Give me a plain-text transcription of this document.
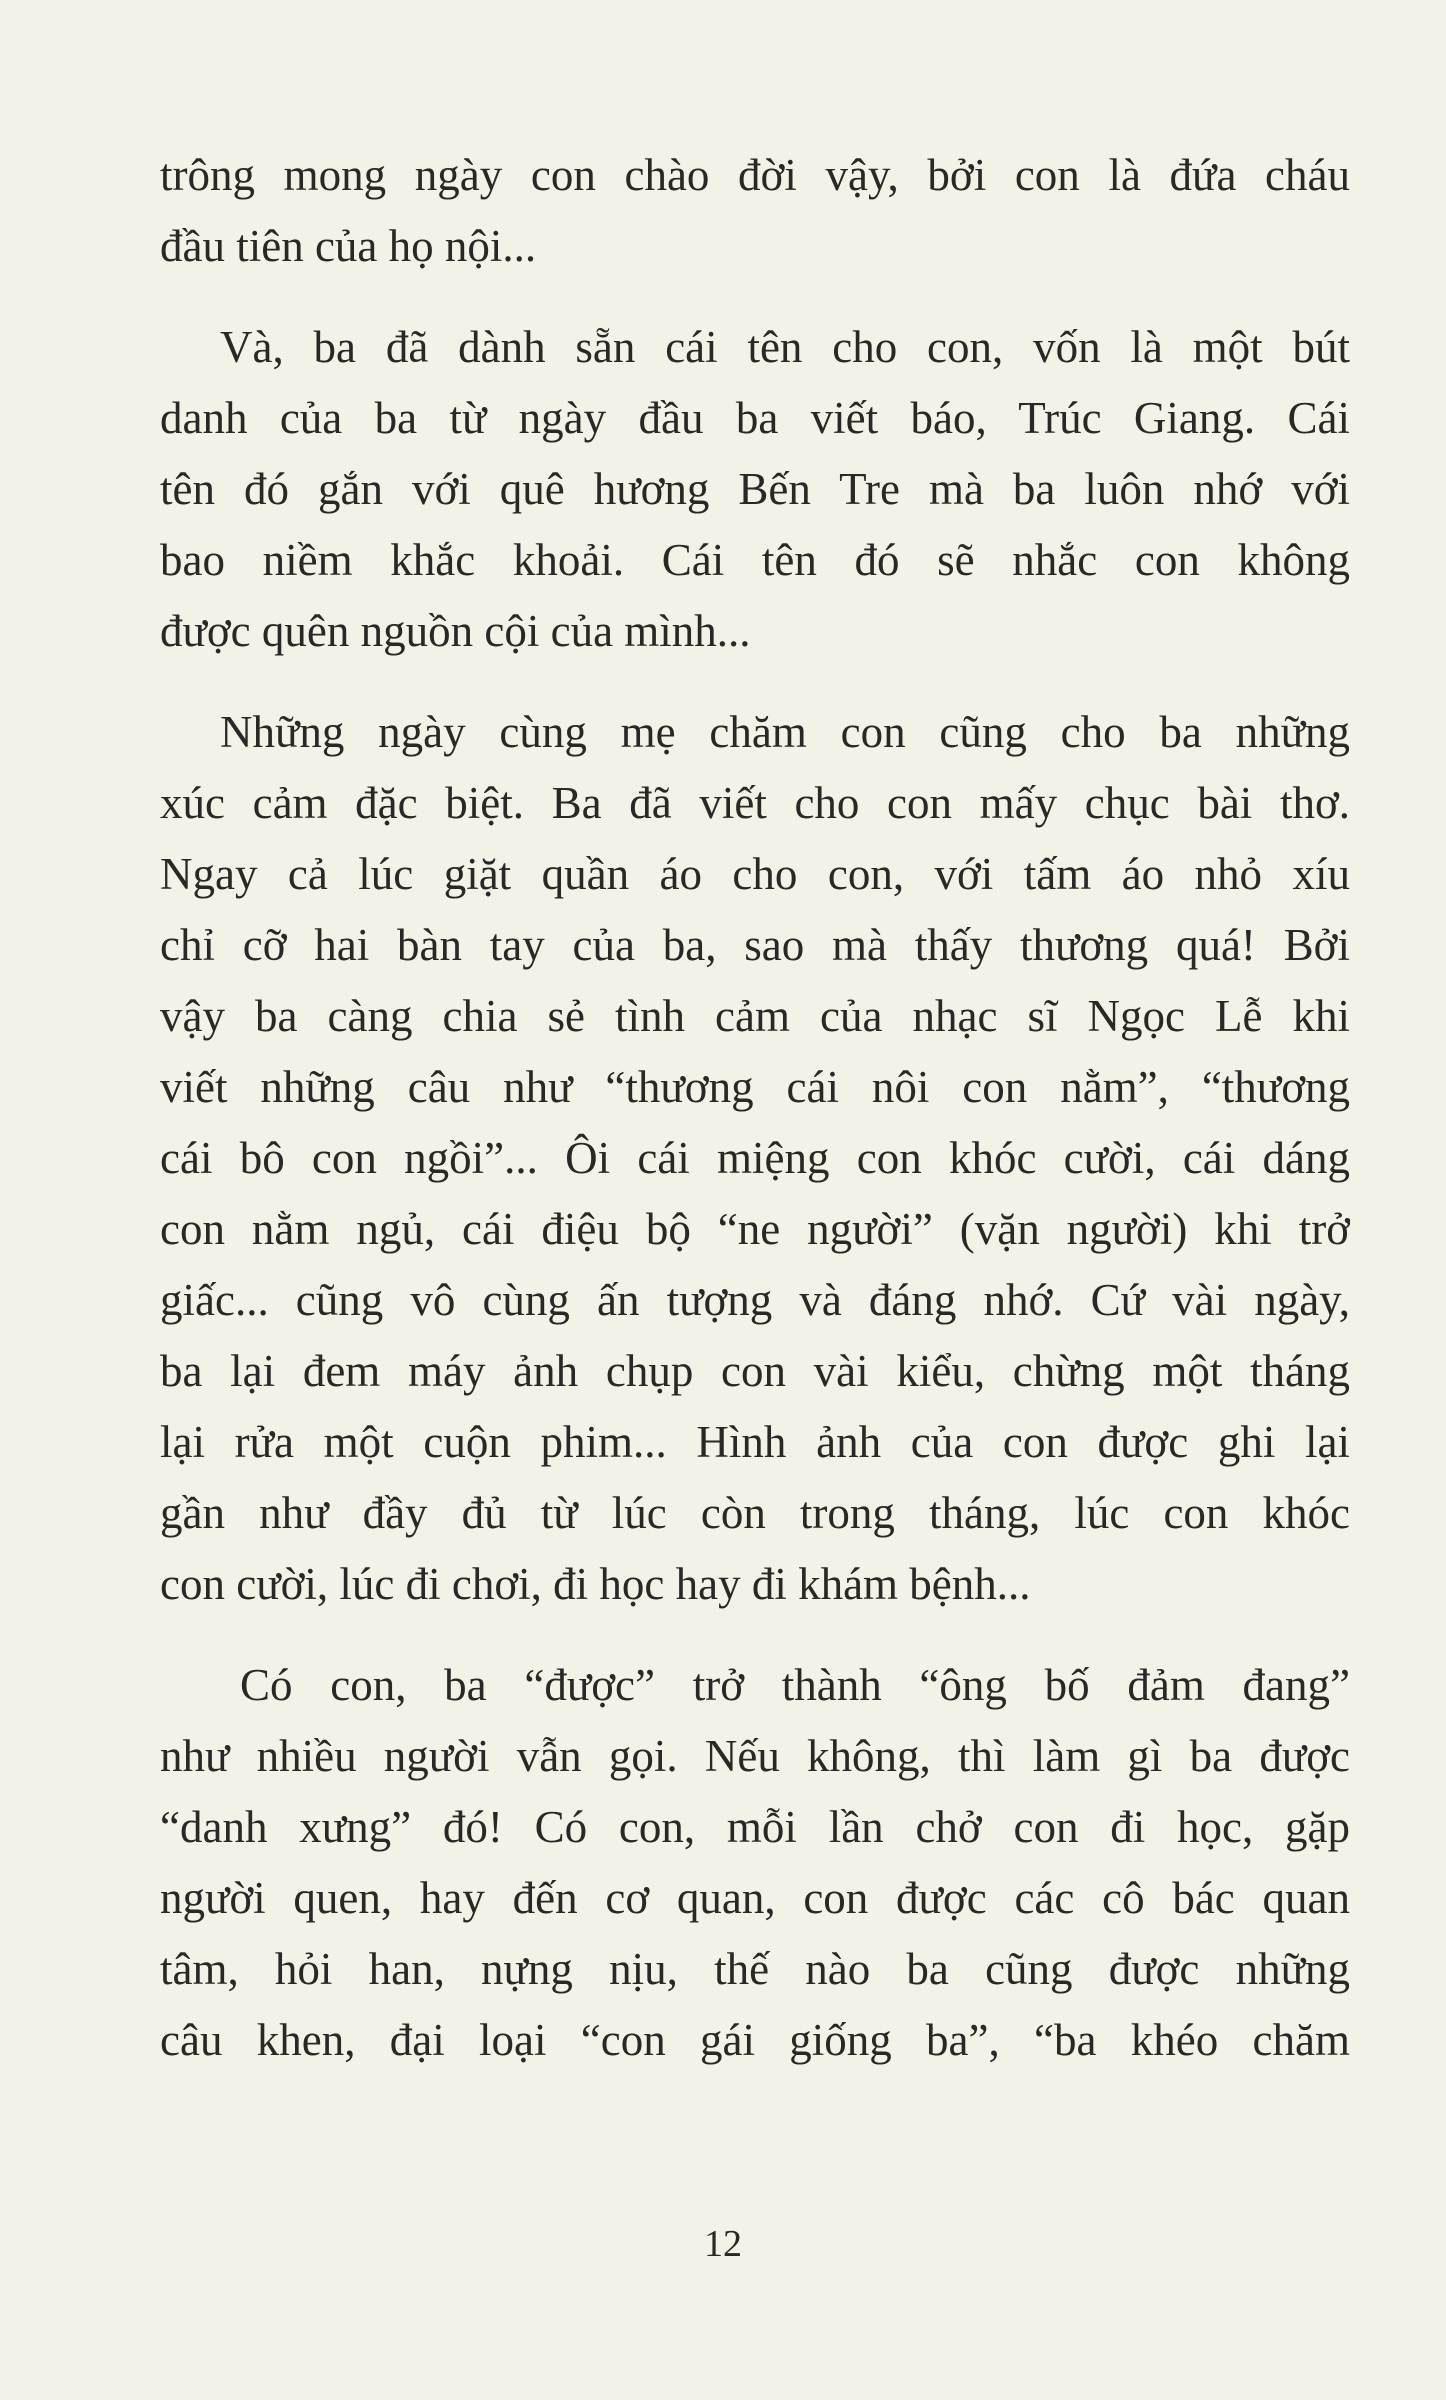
trông mong ngày con chào đời vậy, bởi con là đứa cháu
đầu tiên của họ nội...
Và, ba đã dành sẵn cái tên cho con, vốn là một bút
danh của ba từ ngày đầu ba viết báo, Trúc Giang. Cái
tên đó gắn với quê hương Bến Tre mà ba luôn nhớ với
bao niềm khắc khoải. Cái tên đó sẽ nhắc con không
được quên nguồn cội của mình...
Những ngày cùng mẹ chăm con cũng cho ba những
xúc cảm đặc biệt. Ba đã viết cho con mấy chục bài thơ.
Ngay cả lúc giặt quần áo cho con, với tấm áo nhỏ xíu
chỉ cỡ hai bàn tay của ba, sao mà thấy thương quá! Bởi
vậy ba càng chia sẻ tình cảm của nhạc sĩ Ngọc Lễ khi
viết những câu như “thương cái nôi con nằm”, “thương
cái bô con ngồi”... Ôi cái miệng con khóc cười, cái dáng
con nằm ngủ, cái điệu bộ “ne người” (vặn người) khi trở
giấc... cũng vô cùng ấn tượng và đáng nhớ. Cứ vài ngày,
ba lại đem máy ảnh chụp con vài kiểu, chừng một tháng
lại rửa một cuộn phim... Hình ảnh của con được ghi lại
gần như đầy đủ từ lúc còn trong tháng, lúc con khóc
con cười, lúc đi chơi, đi học hay đi khám bệnh...
Có con, ba “được” trở thành “ông bố đảm đang”
như nhiều người vẫn gọi. Nếu không, thì làm gì ba được
“danh xưng” đó! Có con, mỗi lần chở con đi học, gặp
người quen, hay đến cơ quan, con được các cô bác quan
tâm, hỏi han, nựng nịu, thế nào ba cũng được những
câu khen, đại loại “con gái giống ba”, “ba khéo chăm
12
